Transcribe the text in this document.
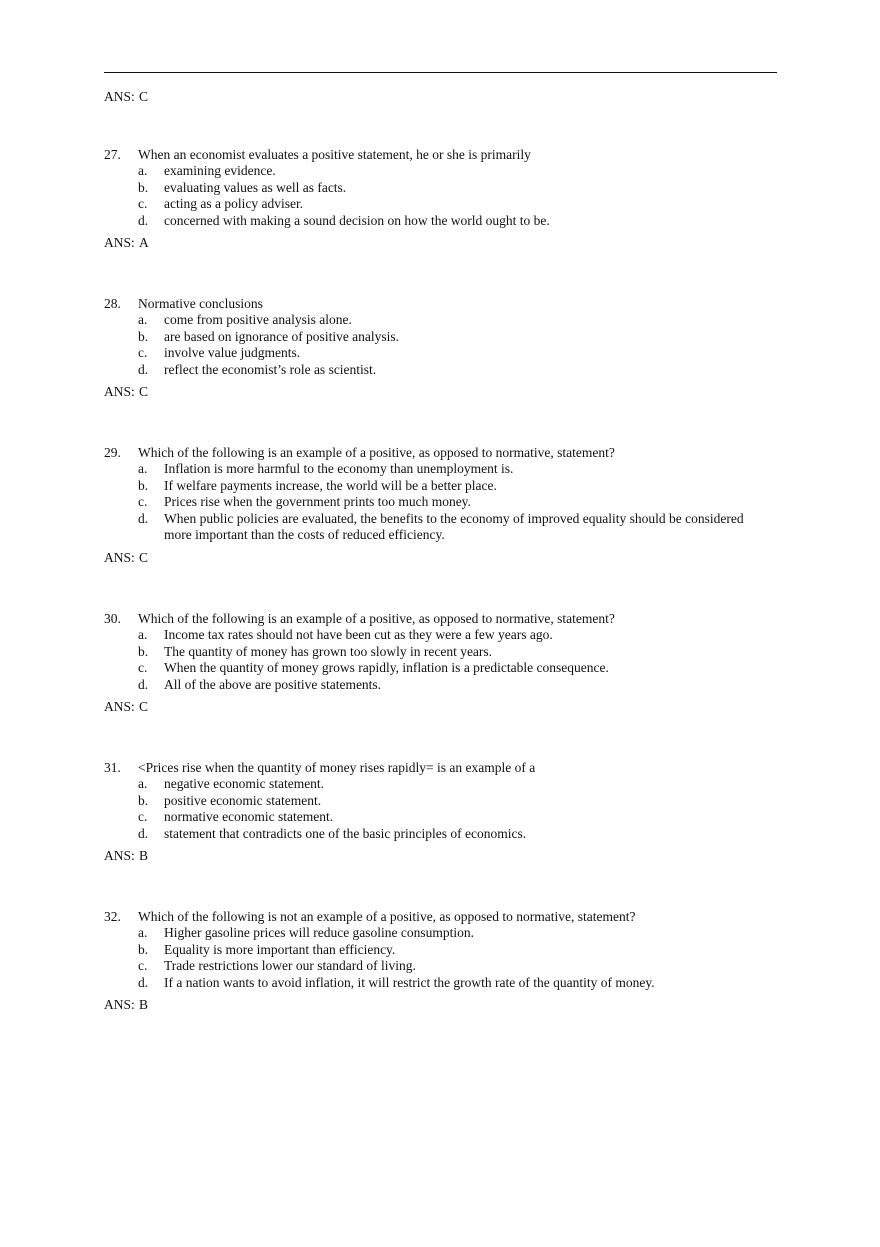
ANS: C
27. When an economist evaluates a positive statement, he or she is primarily
a. examining evidence.
b. evaluating values as well as facts.
c. acting as a policy adviser.
d. concerned with making a sound decision on how the world ought to be.
ANS: A
28. Normative conclusions
a. come from positive analysis alone.
b. are based on ignorance of positive analysis.
c. involve value judgments.
d. reflect the economist’s role as scientist.
ANS: C
29. Which of the following is an example of a positive, as opposed to normative, statement?
a. Inflation is more harmful to the economy than unemployment is.
b. If welfare payments increase, the world will be a better place.
c. Prices rise when the government prints too much money.
d. When public policies are evaluated, the benefits to the economy of improved equality should be considered more important than the costs of reduced efficiency.
ANS: C
30. Which of the following is an example of a positive, as opposed to normative, statement?
a. Income tax rates should not have been cut as they were a few years ago.
b. The quantity of money has grown too slowly in recent years.
c. When the quantity of money grows rapidly, inflation is a predictable consequence.
d. All of the above are positive statements.
ANS: C
31. <Prices rise when the quantity of money rises rapidly= is an example of a
a. negative economic statement.
b. positive economic statement.
c. normative economic statement.
d. statement that contradicts one of the basic principles of economics.
ANS: B
32. Which of the following is not an example of a positive, as opposed to normative, statement?
a. Higher gasoline prices will reduce gasoline consumption.
b. Equality is more important than efficiency.
c. Trade restrictions lower our standard of living.
d. If a nation wants to avoid inflation, it will restrict the growth rate of the quantity of money.
ANS: B
